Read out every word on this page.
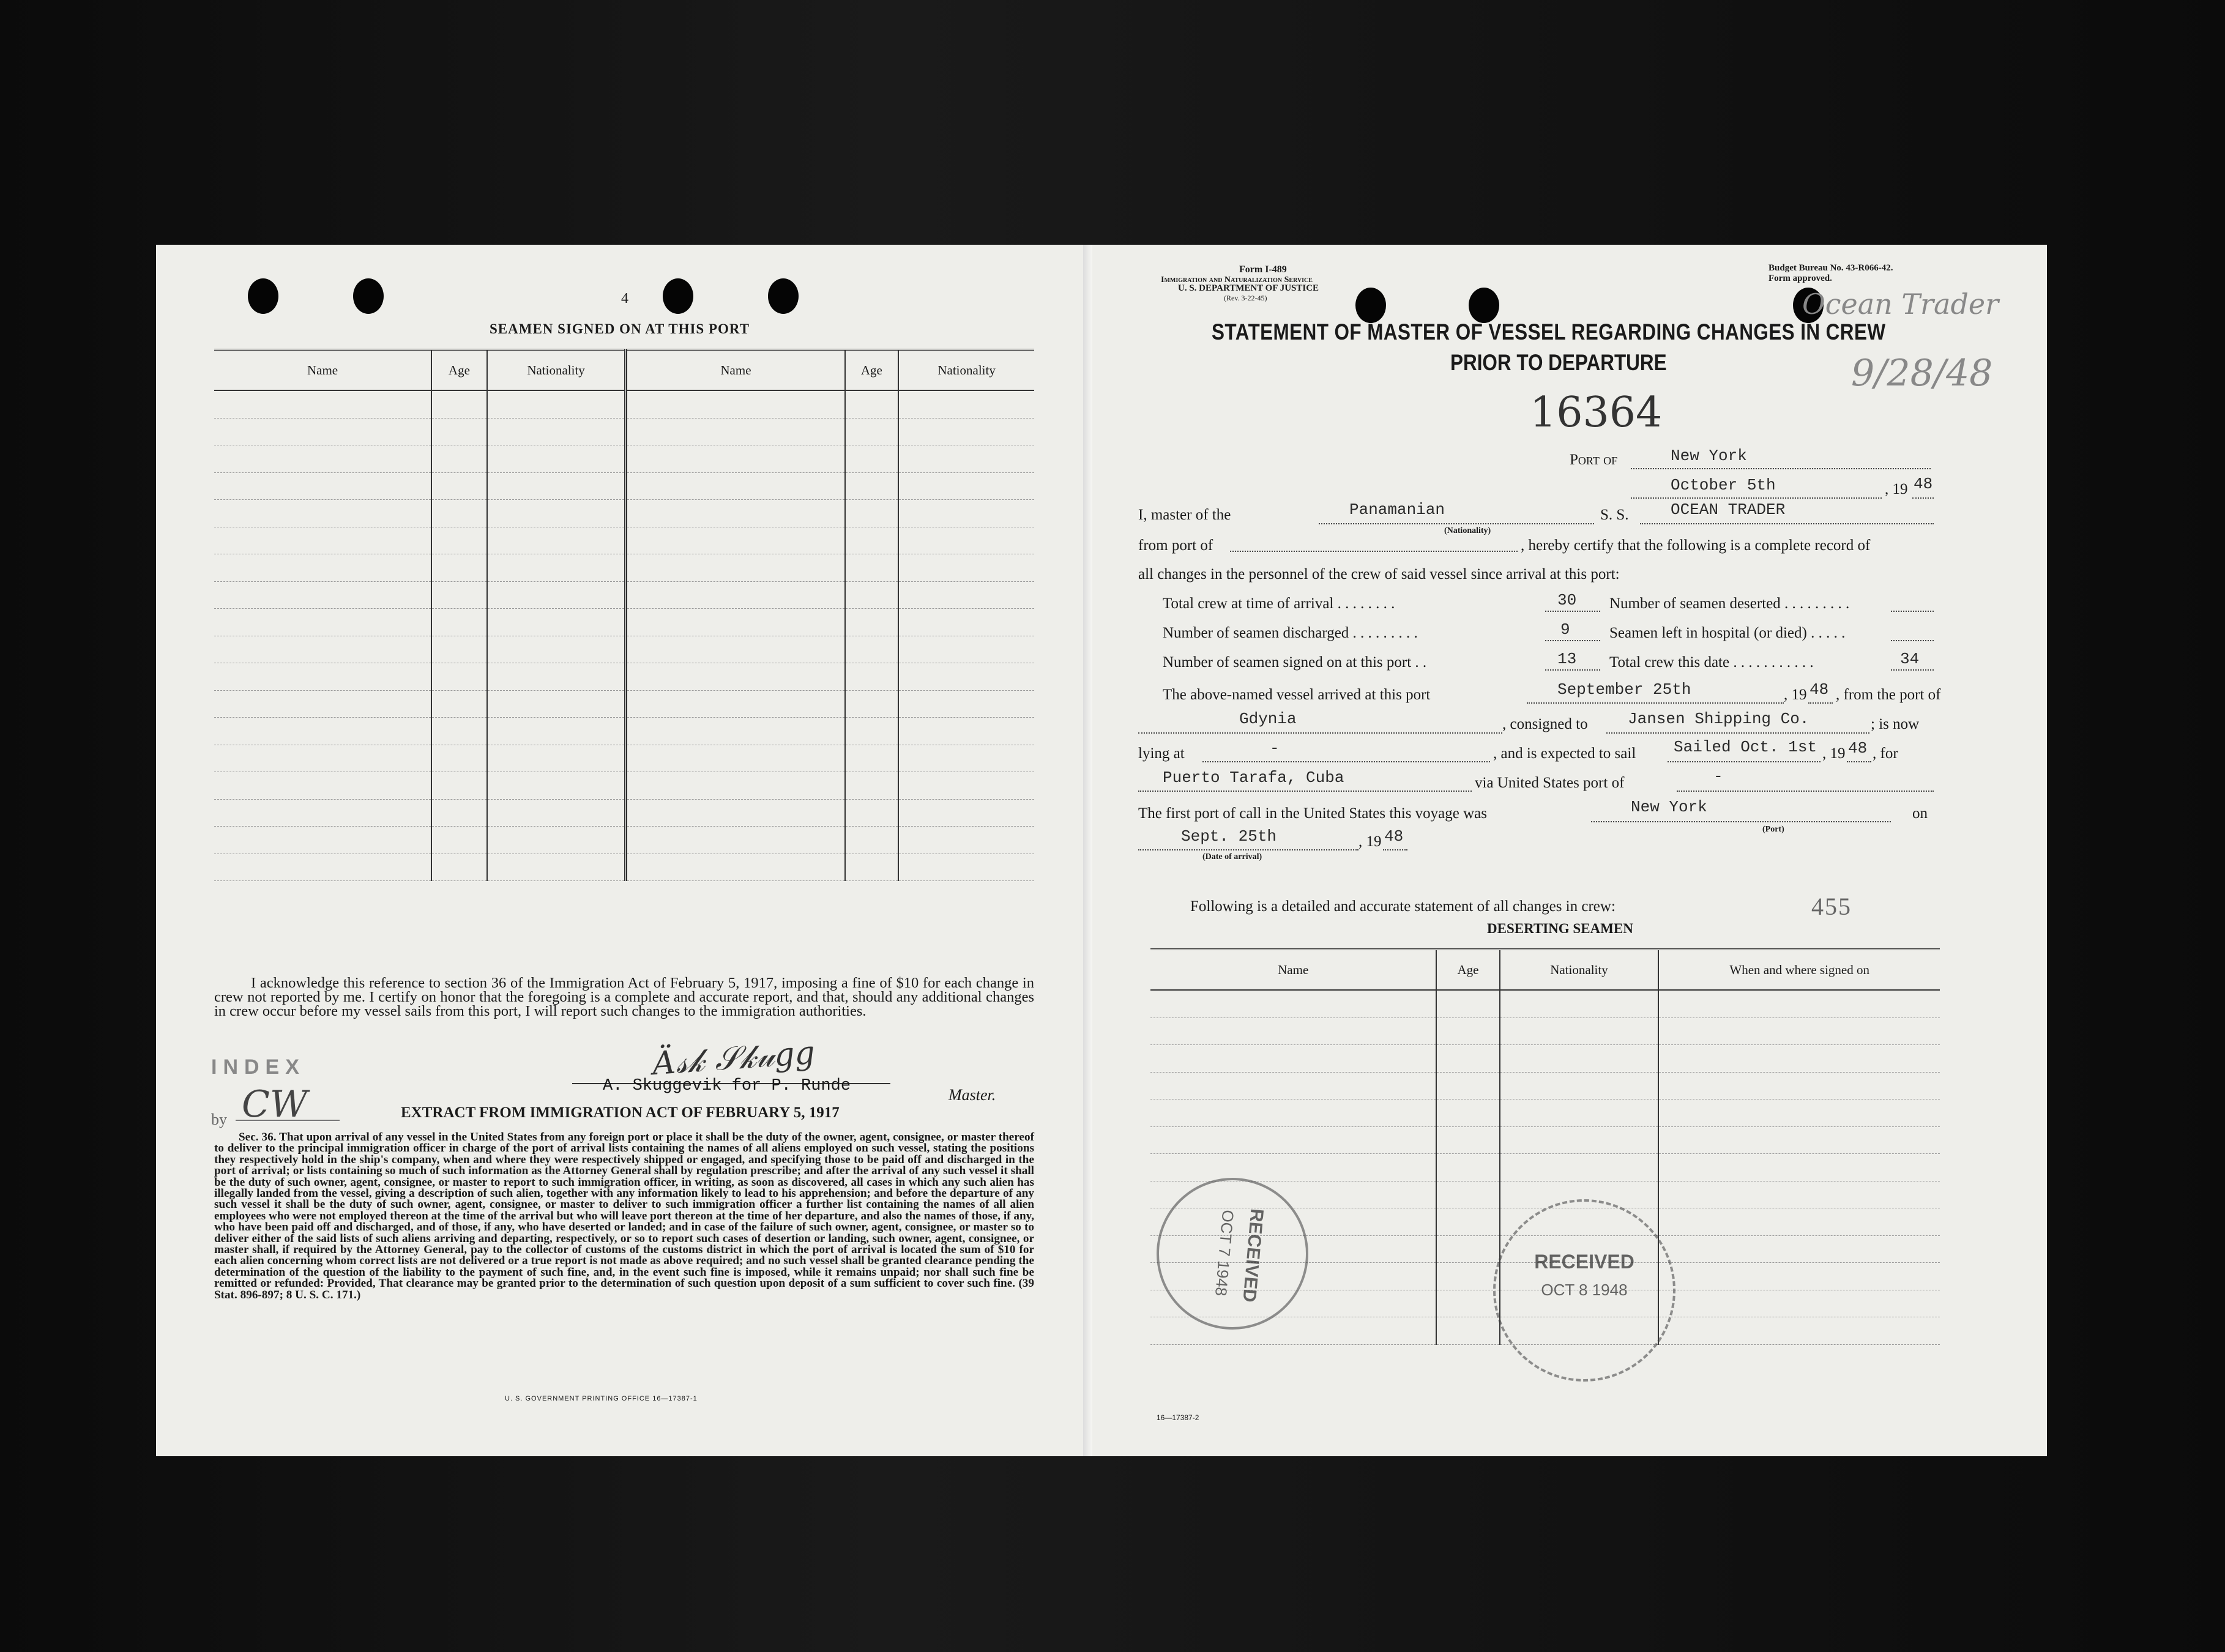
4
SEAMEN SIGNED ON AT THIS PORT
Name	Age	Nationality	Name	Age	Nationality

I acknowledge this reference to section 36 of the Immigration Act of February 5, 1917, imposing a fine of $10 for each change in crew not reported by me. I certify on honor that the foregoing is a complete and accurate report, and that, should any additional changes in crew occur before my vessel sails from this port, I will report such changes to the immigration authorities.
Ӓ𝓈𝓀 𝒮𝓀𝓊𝑔𝑔
A. Skuggevik for P. Runde	Master.
INDEX
by CW	EXTRACT FROM IMMIGRATION ACT OF FEBRUARY 5, 1917
Sec. 36. That upon arrival of any vessel in the United States from any foreign port or place it shall be the duty of the owner, agent, consignee, or master thereof to deliver to the principal immigration officer in charge of the port of arrival lists containing the names of all aliens employed on such vessel, stating the positions they respectively hold in the ship's company, when and where they were respectively shipped or engaged, and specifying those to be paid off and discharged in the port of arrival; or lists containing so much of such information as the Attorney General shall by regulation prescribe; and after the arrival of any such vessel it shall be the duty of such owner, agent, consignee, or master to report to such immigration officer, in writing, as soon as discovered, all cases in which any such alien has illegally landed from the vessel, giving a description of such alien, together with any information likely to lead to his apprehension; and before the departure of any such vessel it shall be the duty of such owner, agent, consignee, or master to deliver to such immigration officer a further list containing the names of all alien employees who were not employed thereon at the time of the arrival but who will leave port thereon at the time of her departure, and also the names of those, if any, who have been paid off and discharged, and of those, if any, who have deserted or landed; and in case of the failure of such owner, agent, consignee, or master so to deliver either of the said lists of such aliens arriving and departing, respectively, or so to report such cases of desertion or landing, such owner, agent, consignee, or master shall, if required by the Attorney General, pay to the collector of customs of the customs district in which the port of arrival is located the sum of $10 for each alien concerning whom correct lists are not delivered or a true report is not made as above required; and no such vessel shall be granted clearance pending the determination of the question of the liability to the payment of such fine, and, in the event such fine is imposed, while it remains unpaid; nor shall such fine be remitted or refunded: Provided, That clearance may be granted prior to the determination of such question upon deposit of a sum sufficient to cover such fine. (39 Stat. 896-897; 8 U. S. C. 171.)
U. S. GOVERNMENT PRINTING OFFICE 16—17387-1
Form I-489
Immigration and Naturalization Service
U. S. DEPARTMENT OF JUSTICE
(Rev. 3-22-45)
Budget Bureau No. 43-R066-42.
Form approved.
Ocean Trader
9/28/48
STATEMENT OF MASTER OF VESSEL REGARDING CHANGES IN CREW
PRIOR TO DEPARTURE
16364
Port of	New York
October 5th	, 19 48
I, master of the	Panamanian
(Nationality)
S. S.	OCEAN TRADER
from port of	, hereby certify that the following is a complete record of
all changes in the personnel of the crew of said vessel since arrival at this port:
Total crew at time of arrival . . . . . . . .	30
Number of seamen discharged . . . . . . . . .	9
Number of seamen signed on at this port . .	13
Number of seamen deserted . . . . . . . . .
Seamen left in hospital (or died) . . . . .
Total crew this date . . . . . . . . . . .	34
The above-named vessel arrived at this port	September 25th	, 19 48 , from the port of
Gdynia	, consigned to	Jansen Shipping Co.	; is now
lying at	-	, and is expected to sail Sailed Oct. 1st , 19 48 , for
Puerto Tarafa, Cuba	via United States port of	-
The first port of call in the United States this voyage was	New York
(Port)
on
Sept. 25th
(Date of arrival)
, 19 48
Following is a detailed and accurate statement of all changes in crew:	455
DESERTING SEAMEN
Name	Age	Nationality	When and where signed on

RECEIVED
OCT 7 1948	RECEIVED
OCT 8 1948
16—17387-2
